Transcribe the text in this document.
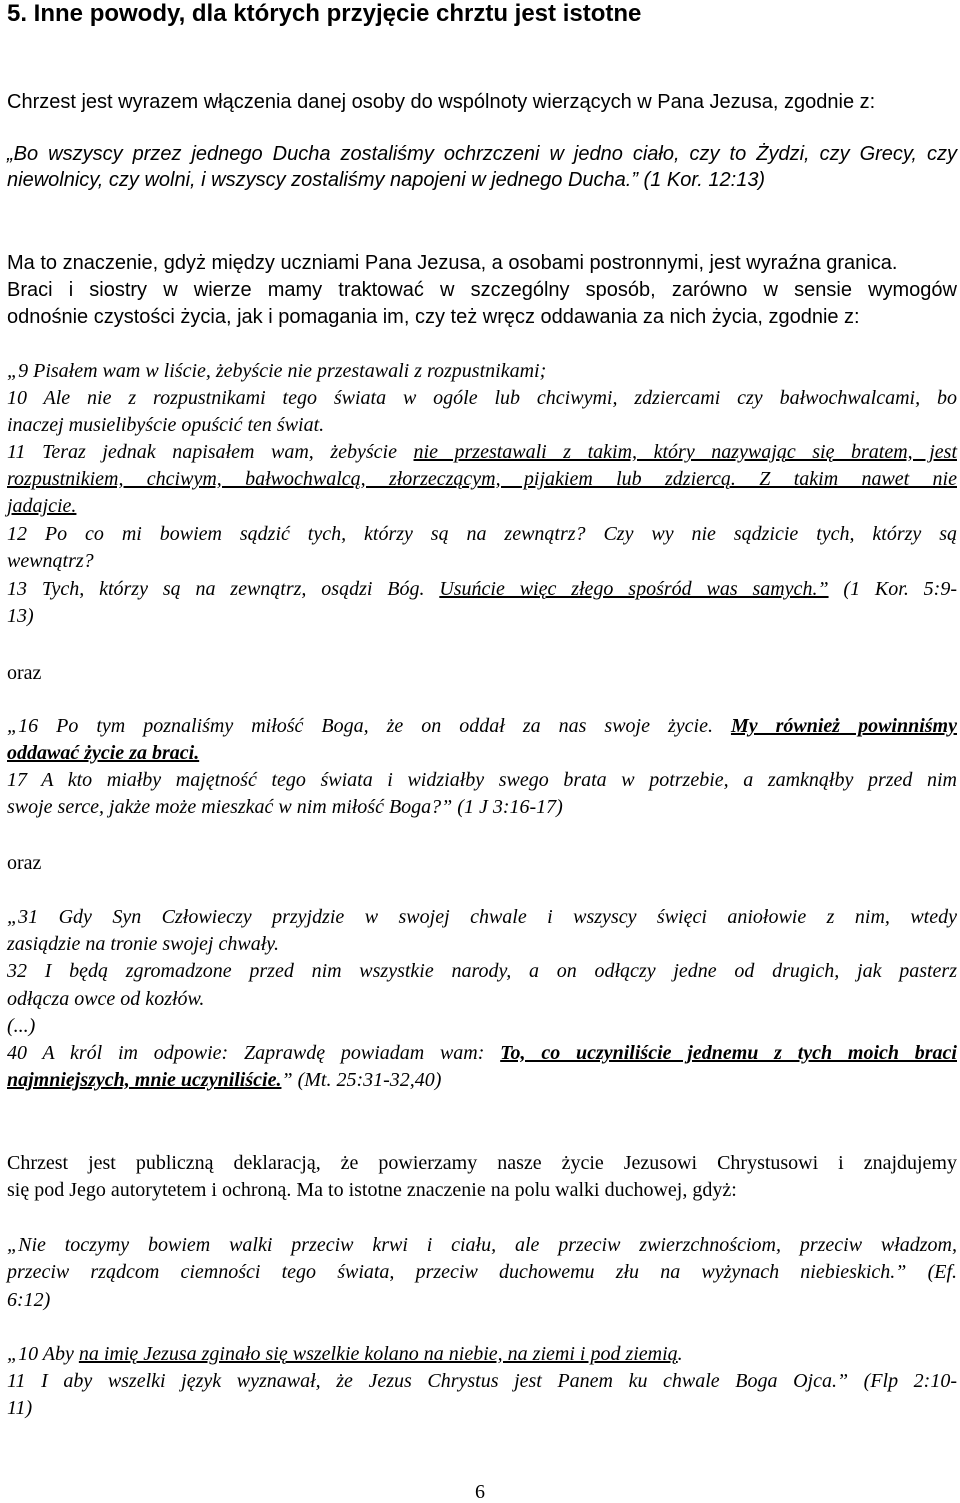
5. Inne powody, dla których przyjęcie chrztu jest istotne
Chrzest jest wyrazem włączenia danej osoby do wspólnoty wierzących w Pana Jezusa, zgodnie z:
„Bo wszyscy przez jednego Ducha zostaliśmy ochrzczeni w jedno ciało, czy to Żydzi, czy Grecy, czy
niewolnicy, czy wolni, i wszyscy zostaliśmy napojeni w jednego Ducha.” (1 Kor. 12:13)
Ma to znaczenie, gdyż między uczniami Pana Jezusa, a osobami postronnymi, jest wyraźna granica.
Braci i siostry w wierze mamy traktować w szczególny sposób, zarówno w sensie wymogów
odnośnie czystości życia, jak i pomagania im, czy też wręcz oddawania za nich życia, zgodnie z:
„9 Pisałem wam w liście, żebyście nie przestawali z rozpustnikami;
10 Ale nie z rozpustnikami tego świata w ogóle lub chciwymi, zdziercami czy bałwochwalcami, bo
inaczej musielibyście opuścić ten świat.
11 Teraz jednak napisałem wam, żebyście nie przestawali z takim, który nazywając się bratem, jest
rozpustnikiem, chciwym, bałwochwalcą, złorzeczącym, pijakiem lub zdziercą. Z takim nawet nie
jadajcie.
12 Po co mi bowiem sądzić tych, którzy są na zewnątrz? Czy wy nie sądzicie tych, którzy są
wewnątrz?
13 Tych, którzy są na zewnątrz, osądzi Bóg. Usuńcie więc złego spośród was samych.” (1 Kor. 5:9-
13)
oraz
„16 Po tym poznaliśmy miłość Boga, że on oddał za nas swoje życie. My również powinniśmy
oddawać życie za braci.
17 A kto miałby majętność tego świata i widziałby swego brata w potrzebie, a zamknąłby przed nim
swoje serce, jakże może mieszkać w nim miłość Boga?” (1 J 3:16-17)
oraz
„31 Gdy Syn Człowieczy przyjdzie w swojej chwale i wszyscy święci aniołowie z nim, wtedy
zasiądzie na tronie swojej chwały.
32 I będą zgromadzone przed nim wszystkie narody, a on odłączy jedne od drugich, jak pasterz
odłącza owce od kozłów.
(...)
40 A król im odpowie: Zaprawdę powiadam wam: To, co uczyniliście jednemu z tych moich braci
najmniejszych, mnie uczyniliście.” (Mt. 25:31-32,40)
Chrzest jest publiczną deklaracją, że powierzamy nasze życie Jezusowi Chrystusowi i znajdujemy
się pod Jego autorytetem i ochroną. Ma to istotne znaczenie na polu walki duchowej, gdyż:
„Nie toczymy bowiem walki przeciw krwi i ciału, ale przeciw zwierzchnościom, przeciw władzom,
przeciw rządcom ciemności tego świata, przeciw duchowemu złu na wyżynach niebieskich.” (Ef.
6:12)
„10 Aby na imię Jezusa zginało się wszelkie kolano na niebie, na ziemi i pod ziemią.
11 I aby wszelki język wyznawał, że Jezus Chrystus jest Panem ku chwale Boga Ojca.” (Flp 2:10-
11)
6
